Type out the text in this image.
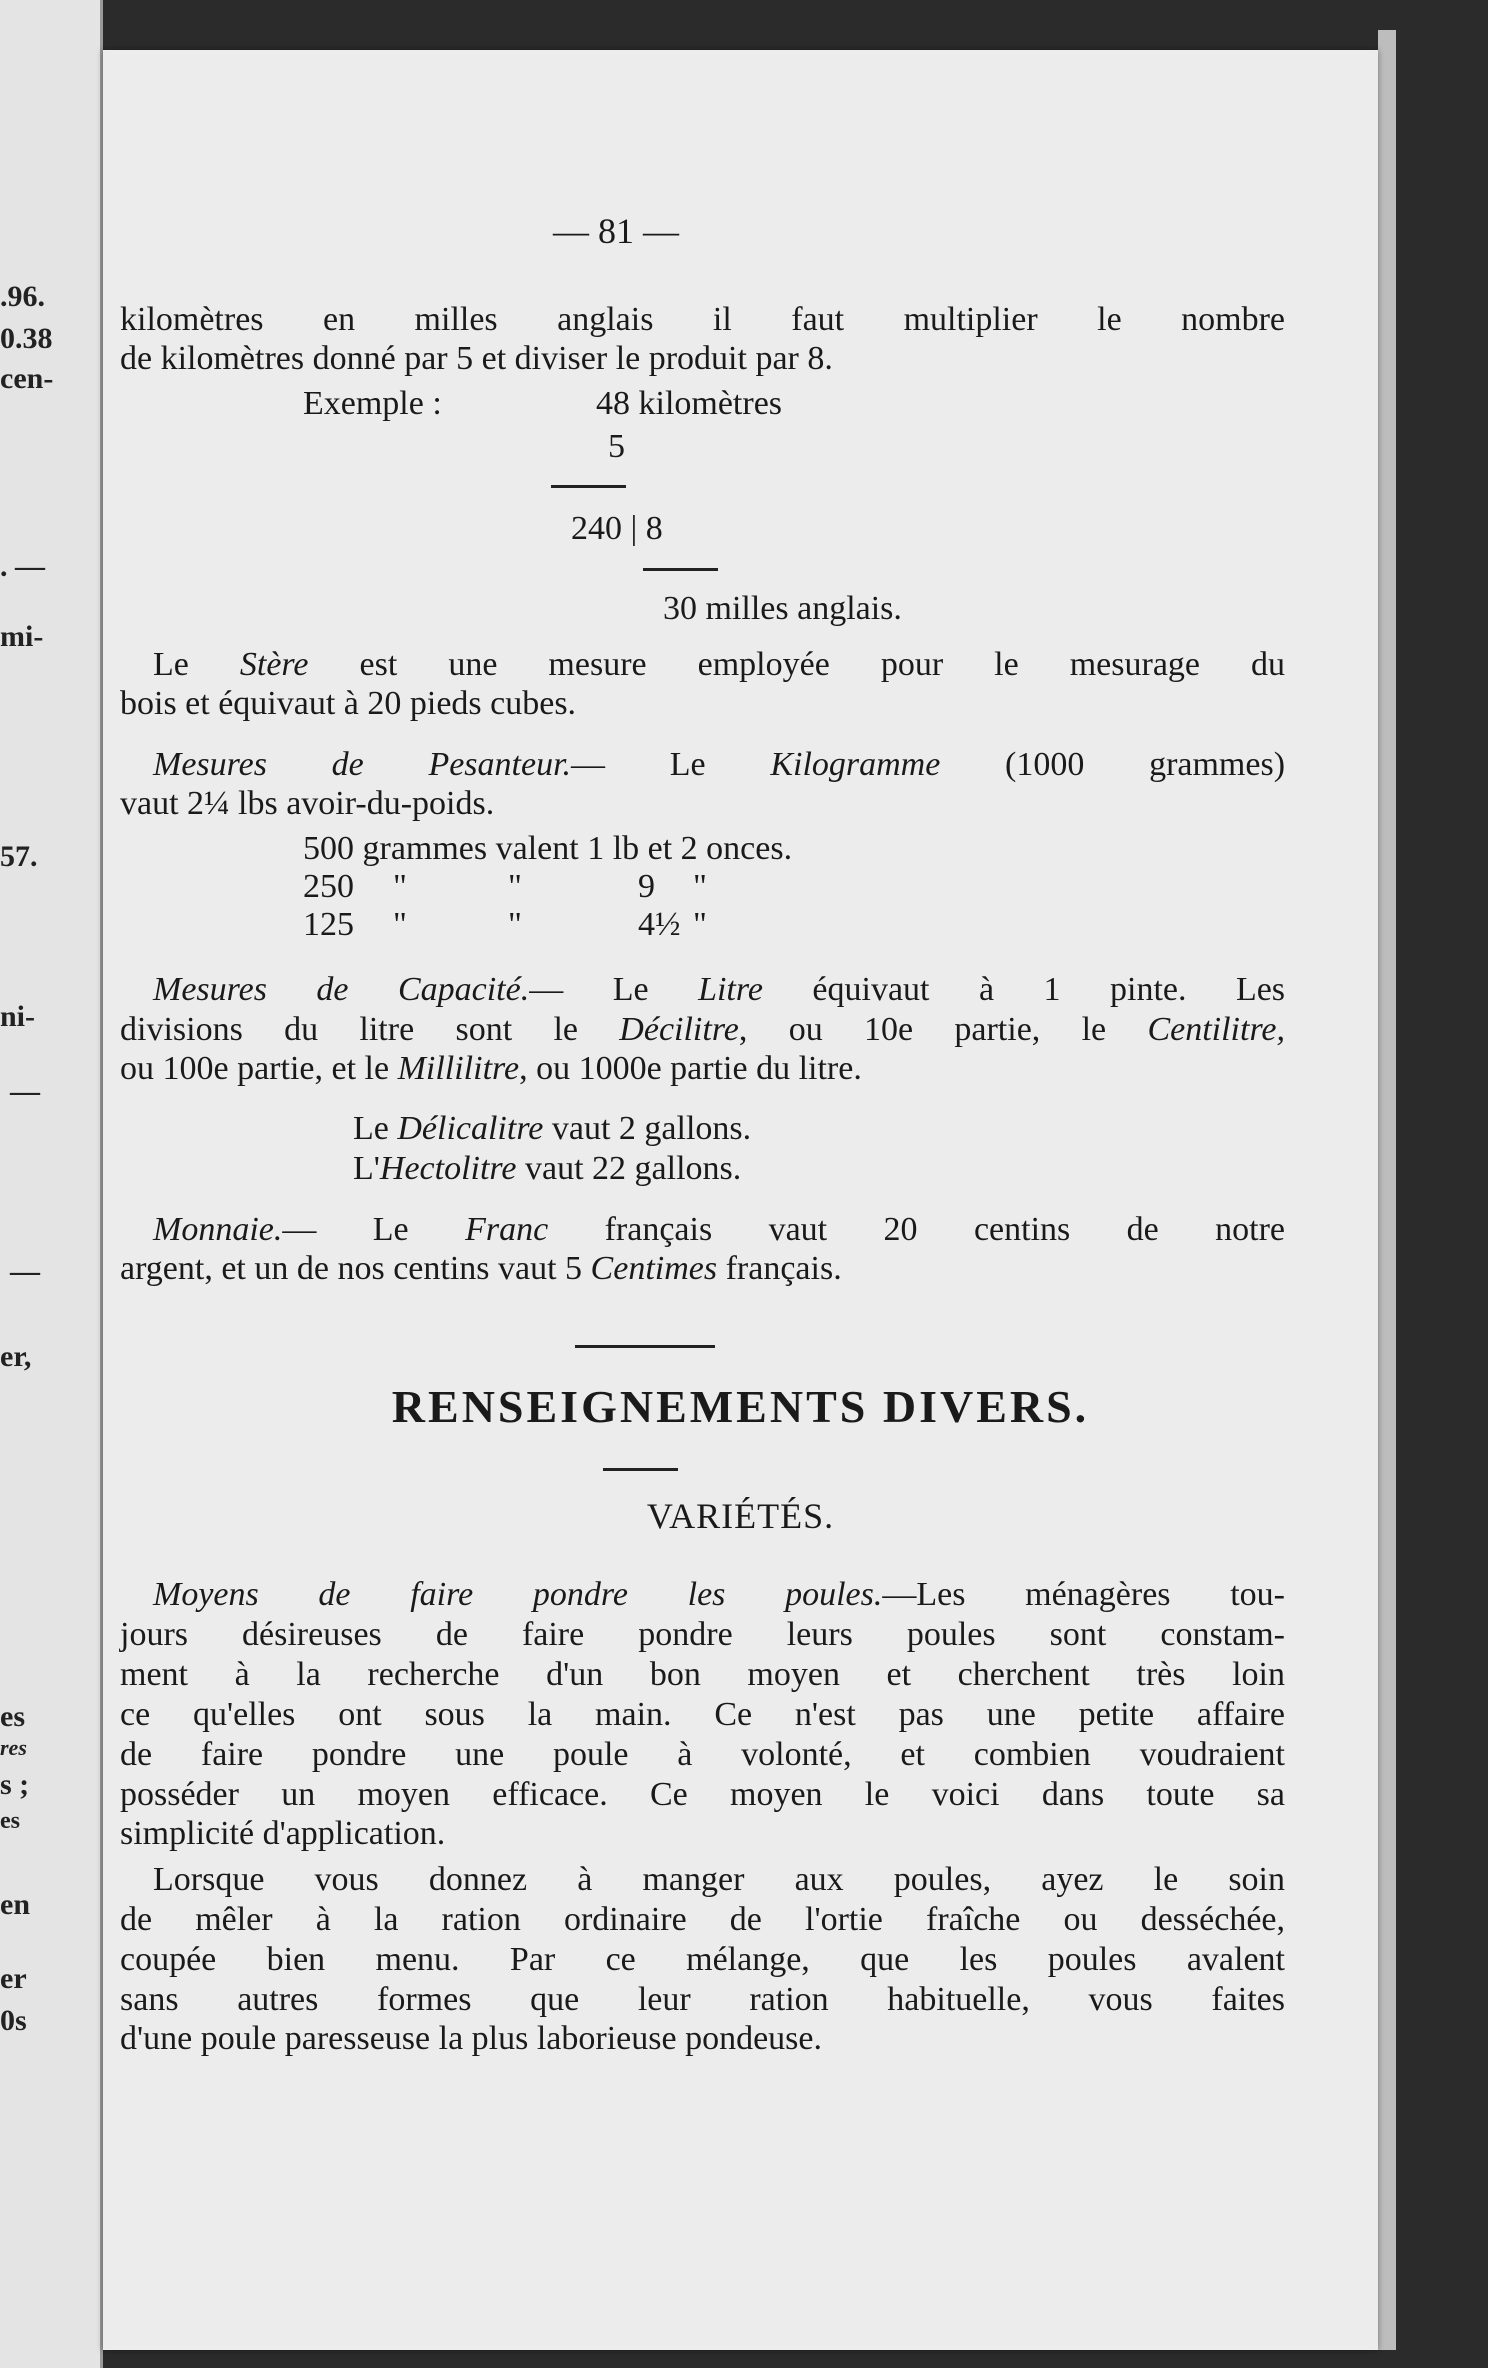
.96.
0.38
cen-
. —
mi-
57.
ni-
—
—
er,
es
res
s ;
es
en
er
0s
— 81 —
kilomètres en milles anglais il faut multiplier le nombre
de kilomètres donné par 5 et diviser le produit par 8.
Exemple :	48 kilomètres
5
240 | 8
30 milles anglais.
Le Stère est une mesure employée pour le mesurage du
bois et équivaut à 20 pieds cubes.
Mesures de Pesanteur.— Le Kilogramme (1000 grammes)
vaut 2¼ lbs avoir-du-poids.
500 grammes valent 1 lb et 2 onces.
250 "	"	9 "
125 "	"	4½ "
Mesures de Capacité.— Le Litre équivaut à 1 pinte. Les
divisions du litre sont le Décilitre, ou 10e partie, le Centilitre,
ou 100e partie, et le Millilitre, ou 1000e partie du litre.
Le Délicalitre vaut 2 gallons.
L'Hectolitre vaut 22 gallons.
Monnaie.— Le Franc français vaut 20 centins de notre
argent, et un de nos centins vaut 5 Centimes français.
RENSEIGNEMENTS DIVERS.
VARIÉTÉS.
Moyens de faire pondre les poules.—Les ménagères tou-
jours désireuses de faire pondre leurs poules sont constam-
ment à la recherche d'un bon moyen et cherchent très loin
ce qu'elles ont sous la main. Ce n'est pas une petite affaire
de faire pondre une poule à volonté, et combien voudraient
posséder un moyen efficace. Ce moyen le voici dans toute sa
simplicité d'application.
Lorsque vous donnez à manger aux poules, ayez le soin
de mêler à la ration ordinaire de l'ortie fraîche ou desséchée,
coupée bien menu. Par ce mélange, que les poules avalent
sans autres formes que leur ration habituelle, vous faites
d'une poule paresseuse la plus laborieuse pondeuse.
